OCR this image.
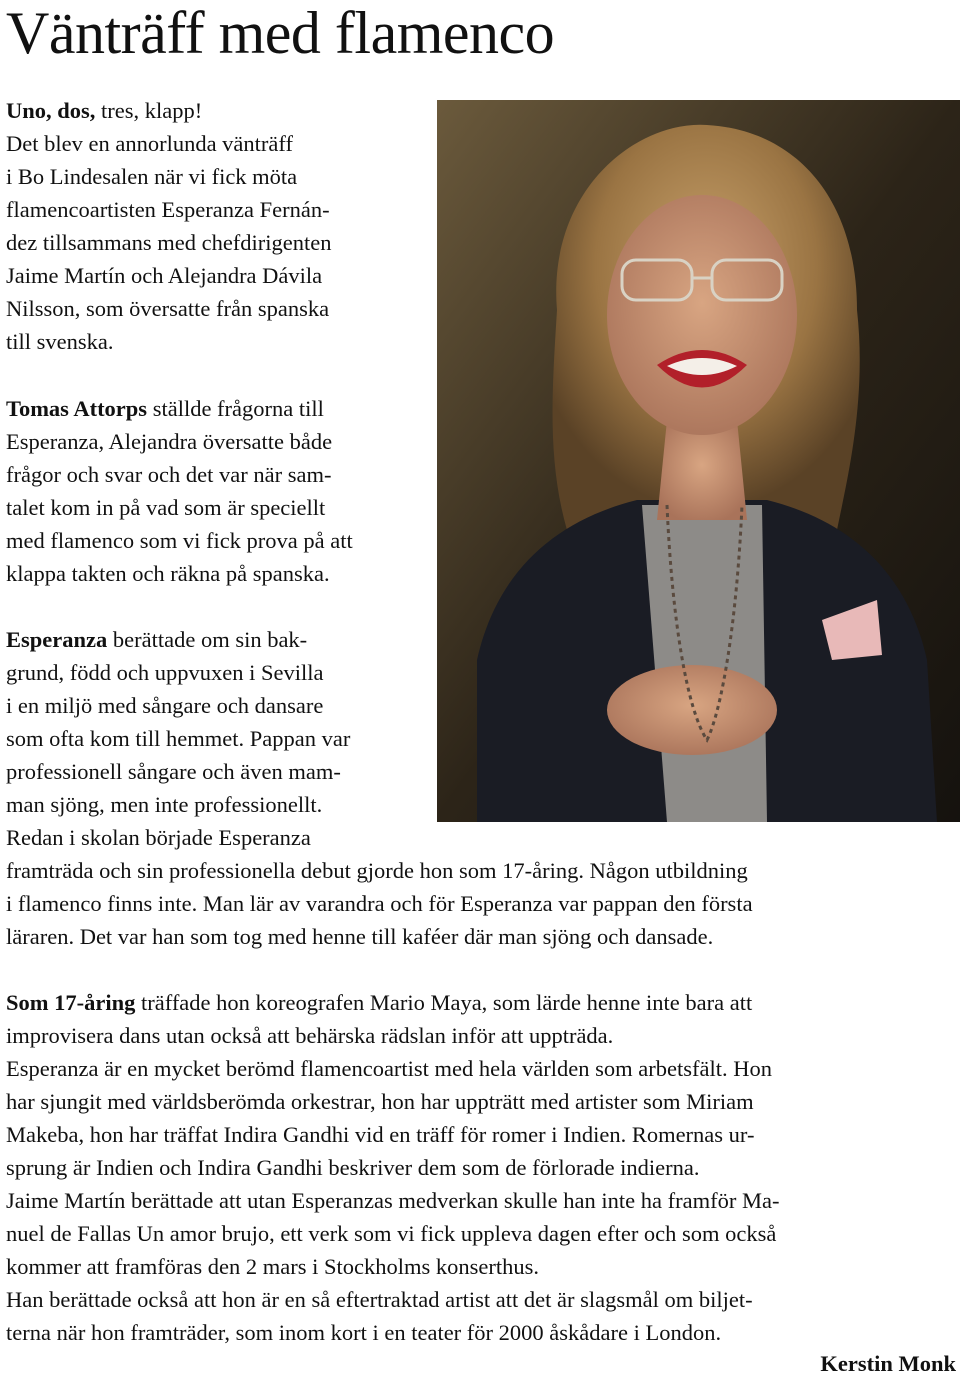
Vänträff med flamenco
Uno, dos, tres, klapp!
Det blev en annorlunda vänträff
i Bo Lindesalen när vi fick möta
flamencoartisten Esperanza Fernán-
dez tillsammans med chefdirigenten
Jaime Martín och Alejandra Dávila
Nilsson, som översatte från spanska
till svenska.
Tomas Attorps ställde frågorna till
Esperanza, Alejandra översatte både
frågor och svar och det var när sam-
talet kom in på vad som är speciellt
med flamenco som vi fick prova på att
klappa takten och räkna på spanska.
Esperanza berättade om sin bak-
grund, född och uppvuxen i Sevilla
i en miljö med sångare och dansare
som ofta kom till hemmet. Pappan var
professionell sångare och även mam-
man sjöng, men inte professionellt.
Redan i skolan började Esperanza
framträda och sin professionella debut gjorde hon som 17-åring. Någon utbildning
i flamenco finns inte. Man lär av varandra och för Esperanza var pappan den första
läraren. Det var han som tog med henne till kaféer där man sjöng och dansade.
Som 17-åring träffade hon koreografen Mario Maya, som lärde henne inte bara att
improvisera dans utan också att behärska rädslan inför att uppträda.
Esperanza är en mycket berömd flamencoartist med hela världen som arbetsfält. Hon
har sjungit med världsberömda orkestrar, hon har uppträtt med artister som Miriam
Makeba, hon har träffat Indira Gandhi vid en träff för romer i Indien. Romernas ur-
sprung är Indien och Indira Gandhi beskriver dem som de förlorade indierna.
Jaime Martín berättade att utan Esperanzas medverkan skulle han inte ha framför Ma-
nuel de Fallas Un amor brujo, ett verk som vi fick uppleva dagen efter och som också
kommer att framföras den 2 mars i Stockholms konserthus.
Han berättade också att hon är en så eftertraktad artist att det är slagsmål om biljet-
terna när hon framträder, som inom kort i en teater för 2000 åskådare i London.
Kerstin Monk
